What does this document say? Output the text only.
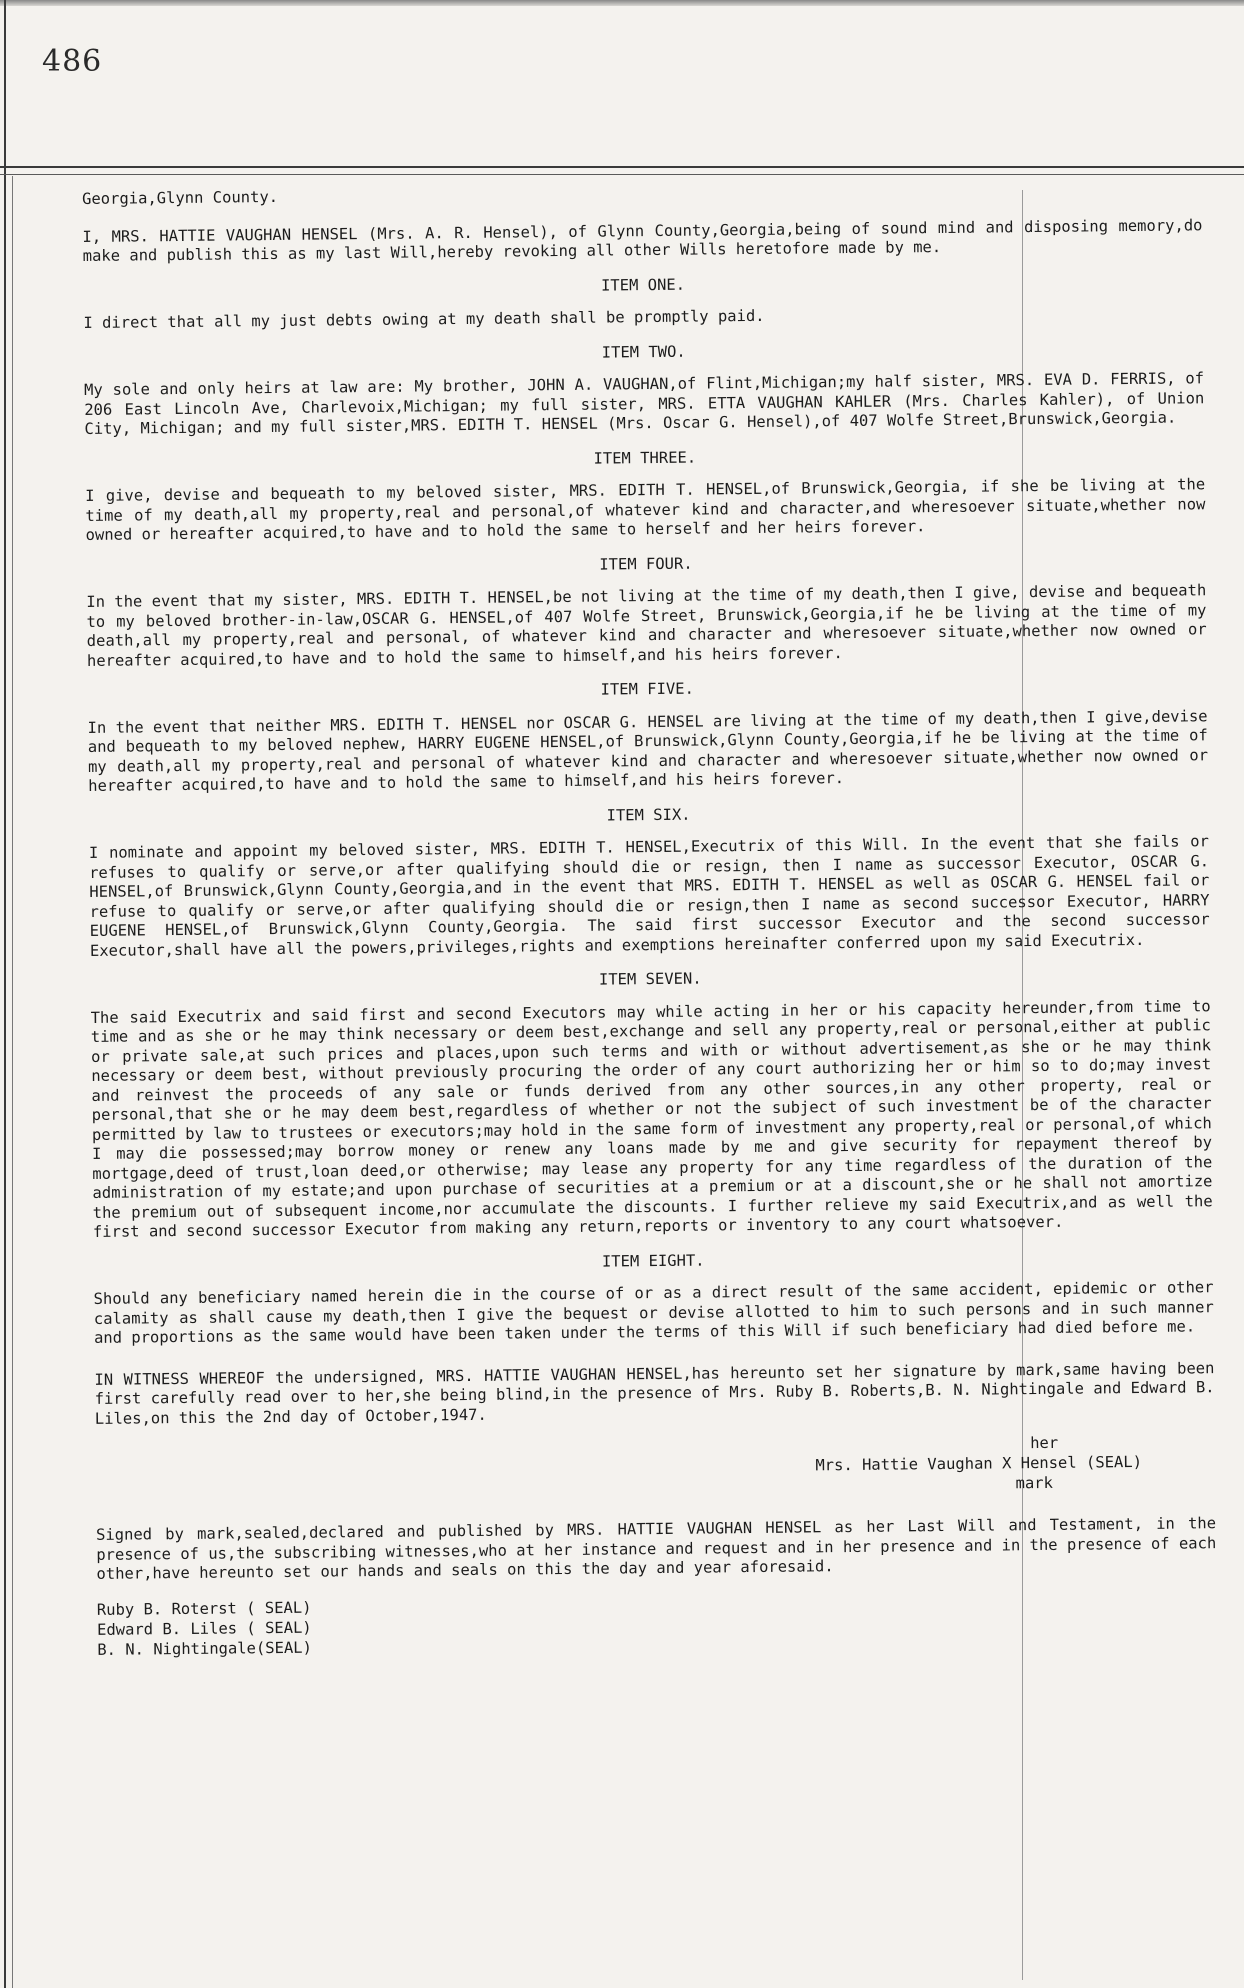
486

Georgia,Glynn County.

I, MRS. HATTIE VAUGHAN HENSEL (Mrs. A. R. Hensel), of Glynn County,Georgia,being of sound mind and disposing memory,do make and publish this as my last Will,hereby revoking all other Wills heretofore made by me.

ITEM ONE.

I direct that all my just debts owing at my death shall be promptly paid.

ITEM TWO.

My sole and only heirs at law are: My brother, JOHN A. VAUGHAN,of Flint,Michigan;my half sister, MRS. EVA D. FERRIS, of 206 East Lincoln Ave, Charlevoix,Michigan; my full sister, MRS. ETTA VAUGHAN KAHLER (Mrs. Charles Kahler), of Union City, Michigan; and my full sister,MRS. EDITH T. HENSEL (Mrs. Oscar G. Hensel),of 407 Wolfe Street,Brunswick,Georgia.

ITEM THREE.

I give, devise and bequeath to my beloved sister, MRS. EDITH T. HENSEL,of Brunswick,Georgia, if she be living at the time of my death,all my property,real and personal,of whatever kind and character,and wheresoever situate,whether now owned or hereafter acquired,to have and to hold the same to herself and her heirs forever.

ITEM FOUR.

In the event that my sister, MRS. EDITH T. HENSEL,be not living at the time of my death,then I give, devise and bequeath to my beloved brother-in-law,OSCAR G. HENSEL,of 407 Wolfe Street, Brunswick,Georgia,if he be living at the time of my death,all my property,real and personal, of whatever kind and character and wheresoever situate,whether now owned or hereafter acquired,to have and to hold the same to himself,and his heirs forever.

ITEM FIVE.

In the event that neither MRS. EDITH T. HENSEL nor OSCAR G. HENSEL are living at the time of my death,then I give,devise and bequeath to my beloved nephew, HARRY EUGENE HENSEL,of Brunswick,Glynn County,Georgia,if he be living at the time of my death,all my property,real and personal of whatever kind and character and wheresoever situate,whether now owned or hereafter acquired,to have and to hold the same to himself,and his heirs forever.

ITEM SIX.

I nominate and appoint my beloved sister, MRS. EDITH T. HENSEL,Executrix of this Will. In the event that she fails or refuses to qualify or serve,or after qualifying should die or resign, then I name as successor Executor, OSCAR G. HENSEL,of Brunswick,Glynn County,Georgia,and in the event that MRS. EDITH T. HENSEL as well as OSCAR G. HENSEL fail or refuse to qualify or serve,or after qualifying should die or resign,then I name as second successor Executor, HARRY EUGENE HENSEL,of Brunswick,Glynn County,Georgia. The said first successor Executor and the second successor Executor,shall have all the powers,privileges,rights and exemptions hereinafter conferred upon my said Executrix.

ITEM SEVEN.

The said Executrix and said first and second Executors may while acting in her or his capacity hereunder,from time to time and as she or he may think necessary or deem best,exchange and sell any property,real or personal,either at public or private sale,at such prices and places,upon such terms and with or without advertisement,as she or he may think necessary or deem best, without previously procuring the order of any court authorizing her or him so to do;may invest and reinvest the proceeds of any sale or funds derived from any other sources,in any other property, real or personal,that she or he may deem best,regardless of whether or not the subject of such investment be of the character permitted by law to trustees or executors;may hold in the same form of investment any property,real or personal,of which I may die possessed;may borrow money or renew any loans made by me and give security for repayment thereof by mortgage,deed of trust,loan deed,or otherwise; may lease any property for any time regardless of the duration of the administration of my estate;and upon purchase of securities at a premium or at a discount,she or he shall not amortize the premium out of subsequent income,nor accumulate the discounts. I further relieve my said Executrix,and as well the first and second successor Executor from making any return,reports or inventory to any court whatsoever.

ITEM EIGHT.

Should any beneficiary named herein die in the course of or as a direct result of the same accident, epidemic or other calamity as shall cause my death,then I give the bequest or devise allotted to him to such persons and in such manner and proportions as the same would have been taken under the terms of this Will if such beneficiary had died before me.

IN WITNESS WHEREOF the undersigned, MRS. HATTIE VAUGHAN HENSEL,has hereunto set her signature by mark,same having been first carefully read over to her,she being blind,in the presence of Mrs. Ruby B. Roberts,B. N. Nightingale and Edward B. Liles,on this the 2nd day of October,1947.

her
Mrs. Hattie Vaughan X Hensel (SEAL)
mark

Signed by mark,sealed,declared and published by MRS. HATTIE VAUGHAN HENSEL as her Last Will and Testament, in the presence of us,the subscribing witnesses,who at her instance and request and in her presence and in the presence of each other,have hereunto set our hands and seals on this the day and year aforesaid.

Ruby B. Roterst ( SEAL)
Edward B. Liles ( SEAL)
B. N. Nightingale(SEAL)
